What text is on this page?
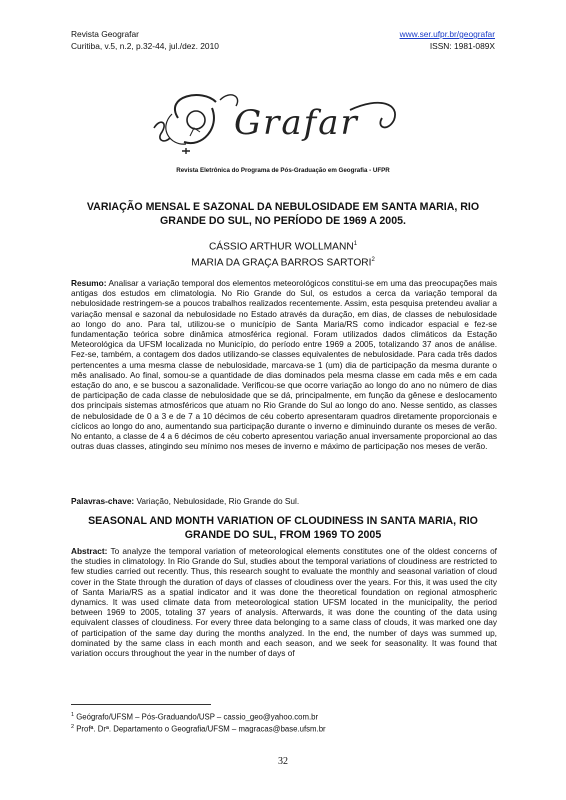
Revista Geografar
Curitiba, v.5, n.2, p.32-44, jul./dez. 2010
www.ser.ufpr.br/geografar
ISSN: 1981-089X
Grafar
Revista Eletrônica do Programa de Pós-Graduação em Geografia - UFPR
VARIAÇÃO MENSAL E SAZONAL DA NEBULOSIDADE EM SANTA MARIA, RIO GRANDE DO SUL, NO PERÍODO DE 1969 A 2005.
CÁSSIO ARTHUR WOLLMANN$^1$
MARIA DA GRAÇA BARROS SARTORI$^2$
Resumo: Analisar a variação temporal dos elementos meteorológicos constitui-se em uma das preocupações mais antigas dos estudos em climatologia. No Rio Grande do Sul, os estudos a cerca da variação temporal da nebulosidade restringem-se a poucos trabalhos realizados recentemente. Assim, esta pesquisa pretendeu avaliar a variação mensal e sazonal da nebulosidade no Estado através da duração, em dias, de classes de nebulosidade ao longo do ano. Para tal, utilizou-se o município de Santa Maria/RS como indicador espacial e fez-se fundamentação teórica sobre dinâmica atmosférica regional. Foram utilizados dados climáticos da Estação Meteorológica da UFSM localizada no Município, do período entre 1969 a 2005, totalizando 37 anos de análise. Fez-se, também, a contagem dos dados utilizando-se classes equivalentes de nebulosidade. Para cada três dados pertencentes a uma mesma classe de nebulosidade, marcava-se 1 (um) dia de participação da mesma durante o mês analisado. Ao final, somou-se a quantidade de dias dominados pela mesma classe em cada mês e em cada estação do ano, e se buscou a sazonalidade. Verificou-se que ocorre variação ao longo do ano no número de dias de participação de cada classe de nebulosidade que se dá, principalmente, em função da gênese e deslocamento dos principais sistemas atmosféricos que atuam no Rio Grande do Sul ao longo do ano. Nesse sentido, as classes de nebulosidade de 0 a 3 e de 7 a 10 décimos de céu coberto apresentaram quadros diretamente proporcionais e cíclicos ao longo do ano, aumentando sua participação durante o inverno e diminuindo durante os meses de verão. No entanto, a classe de 4 a 6 décimos de céu coberto apresentou variação anual inversamente proporcional ao das outras duas classes, atingindo seu mínimo nos meses de inverno e máximo de participação nos meses de verão.
Palavras-chave: Variação, Nebulosidade, Rio Grande do Sul.
SEASONAL AND MONTH VARIATION OF CLOUDINESS IN SANTA MARIA, RIO GRANDE DO SUL, FROM 1969 TO 2005
Abstract: To analyze the temporal variation of meteorological elements constitutes one of the oldest concerns of the studies in climatology. In Rio Grande do Sul, studies about the temporal variations of cloudiness are restricted to few studies carried out recently. Thus, this research sought to evaluate the monthly and seasonal variation of cloud cover in the State through the duration of days of classes of cloudiness over the years. For this, it was used the city of Santa Maria/RS as a spatial indicator and it was done the theoretical foundation on regional atmospheric dynamics. It was used climate data from meteorological station UFSM located in the municipality, the period between 1969 to 2005, totaling 37 years of analysis. Afterwards, it was done the counting of the data using equivalent classes of cloudiness. For every three data belonging to a same class of clouds, it was marked one day of participation of the same day during the months analyzed. In the end, the number of days was summed up, dominated by the same class in each month and each season, and we seek for seasonality. It was found that variation occurs throughout the year in the number of days of
$^1$ Geógrafo/UFSM – Pós-Graduando/USP – cassio_geo@yahoo.com.br
$^2$ Profª. Drª. Departamento o Geografia/UFSM – magracas@base.ufsm.br
32
